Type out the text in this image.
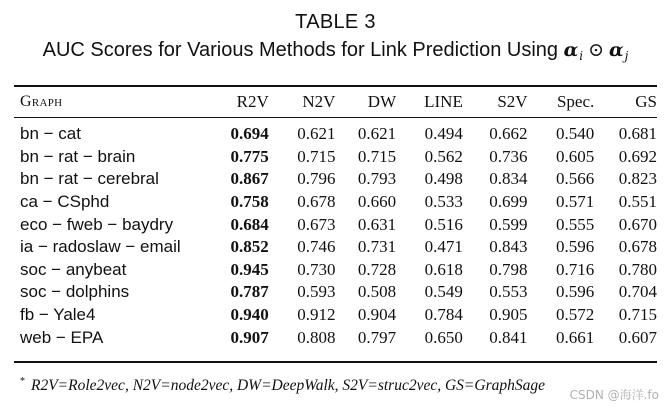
TABLE 3
AUC Scores for Various Methods for Link Prediction Using $\alpha_i$ ⊙ $\alpha_j$
Graph	R2V	N2V	DW	LINE	S2V	Spec.	GS

bn − cat	0.694	0.621	0.621	0.494	0.662	0.540	0.681
bn − rat − brain	0.775	0.715	0.715	0.562	0.736	0.605	0.692
bn − rat − cerebral	0.867	0.796	0.793	0.498	0.834	0.566	0.823
ca − CSphd	0.758	0.678	0.660	0.533	0.699	0.571	0.551
eco − fweb − baydry	0.684	0.673	0.631	0.516	0.599	0.555	0.670
ia − radoslaw − email	0.852	0.746	0.731	0.471	0.843	0.596	0.678
soc − anybeat	0.945	0.730	0.728	0.618	0.798	0.716	0.780
soc − dolphins	0.787	0.593	0.508	0.549	0.553	0.596	0.704
fb − Yale4	0.940	0.912	0.904	0.784	0.905	0.572	0.715
web − EPA	0.907	0.808	0.797	0.650	0.841	0.661	0.607
* R2V=Role2vec, N2V=node2vec, DW=DeepWalk, S2V=struc2vec, GS=GraphSage
CSDN @海洋.fo
